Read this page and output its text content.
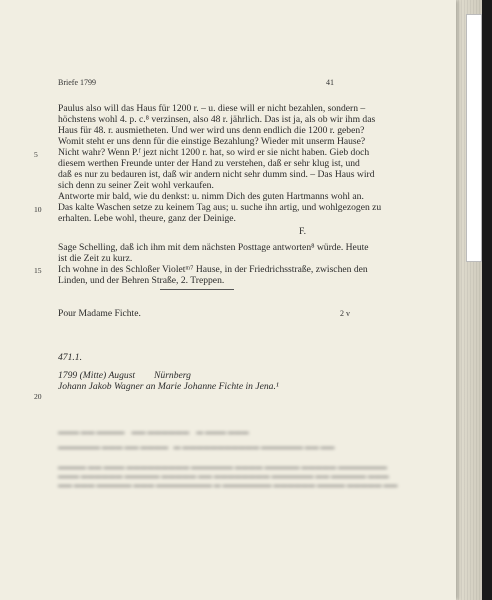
Briefe 1799	41
Paulus also will das Haus für 1200 r. – u. diese will er nicht bezahlen, sondern –
höchstens wohl 4. p. c.⁸ verzinsen, also 48 r. jährlich. Das ist ja, als ob wir ihm das
Haus für 48. r. ausmietheten. Und wer wird uns denn endlich die 1200 r. geben?
Womit steht er uns denn für die einstige Bezahlung? Wieder mit unserm Hause?
Nicht wahr? Wenn P.ᶠ jezt nicht 1200 r. hat, so wird er sie nicht haben. Gieb doch
diesem werthen Freunde unter der Hand zu verstehen, daß er sehr klug ist, und
daß es nur zu bedauren ist, daß wir andern nicht sehr dumm sind. – Das Haus wird
sich denn zu seiner Zeit wohl verkaufen.
Antworte mir bald, wie du denkst: u. nimm Dich des guten Hartmanns wohl an.
Das kalte Waschen setze zu keinem Tag aus; u. suche ihn artig, und wohlgezogen zu
erhalten. Lebe wohl, theure, ganz der Deinige.
F.
Sage Schelling, daß ich ihm mit dem nächsten Posttage antworten⁸ würde. Heute
ist die Zeit zu kurz.
Ich wohne in des Schloßer Violetᵐ⁷ Hause, in der Friedrichsstraße, zwischen den
Linden, und der Behren Straße, 2. Treppen.
5
10
15
20
Pour Madame Fichte.	2 v
471.1.
1799 (Mitte) August Nürnberg
Johann Jakob Wagner an Marie Johanne Fichte in Jena.¹
▬▬▬ ▬▬ ▬▬▬▬    ▬▬ ▬▬▬▬▬▬    ▬ ▬▬▬ ▬▬▬
▬▬▬▬▬▬ ▬▬▬ ▬▬ ▬▬▬▬   ▬ ▬▬▬▬▬▬▬▬▬▬▬ ▬▬▬▬▬▬ ▬▬ ▬▬
▬▬▬▬ ▬▬ ▬▬▬ ▬▬▬▬▬▬▬▬▬ ▬▬▬▬▬▬ ▬▬▬▬ ▬▬▬▬▬ ▬▬▬▬▬ ▬▬▬▬▬▬▬
▬▬▬ ▬▬▬▬▬▬ ▬▬▬▬▬ ▬▬▬▬▬ ▬▬ ▬▬▬▬▬▬▬▬ ▬▬▬▬▬▬ ▬▬ ▬▬▬▬▬ ▬▬▬
▬▬ ▬▬▬ ▬▬▬▬▬ ▬▬▬ ▬▬▬▬▬▬▬▬ ▬ ▬▬▬▬▬▬▬ ▬▬▬▬▬▬ ▬▬▬▬ ▬▬▬▬▬ ▬▬
